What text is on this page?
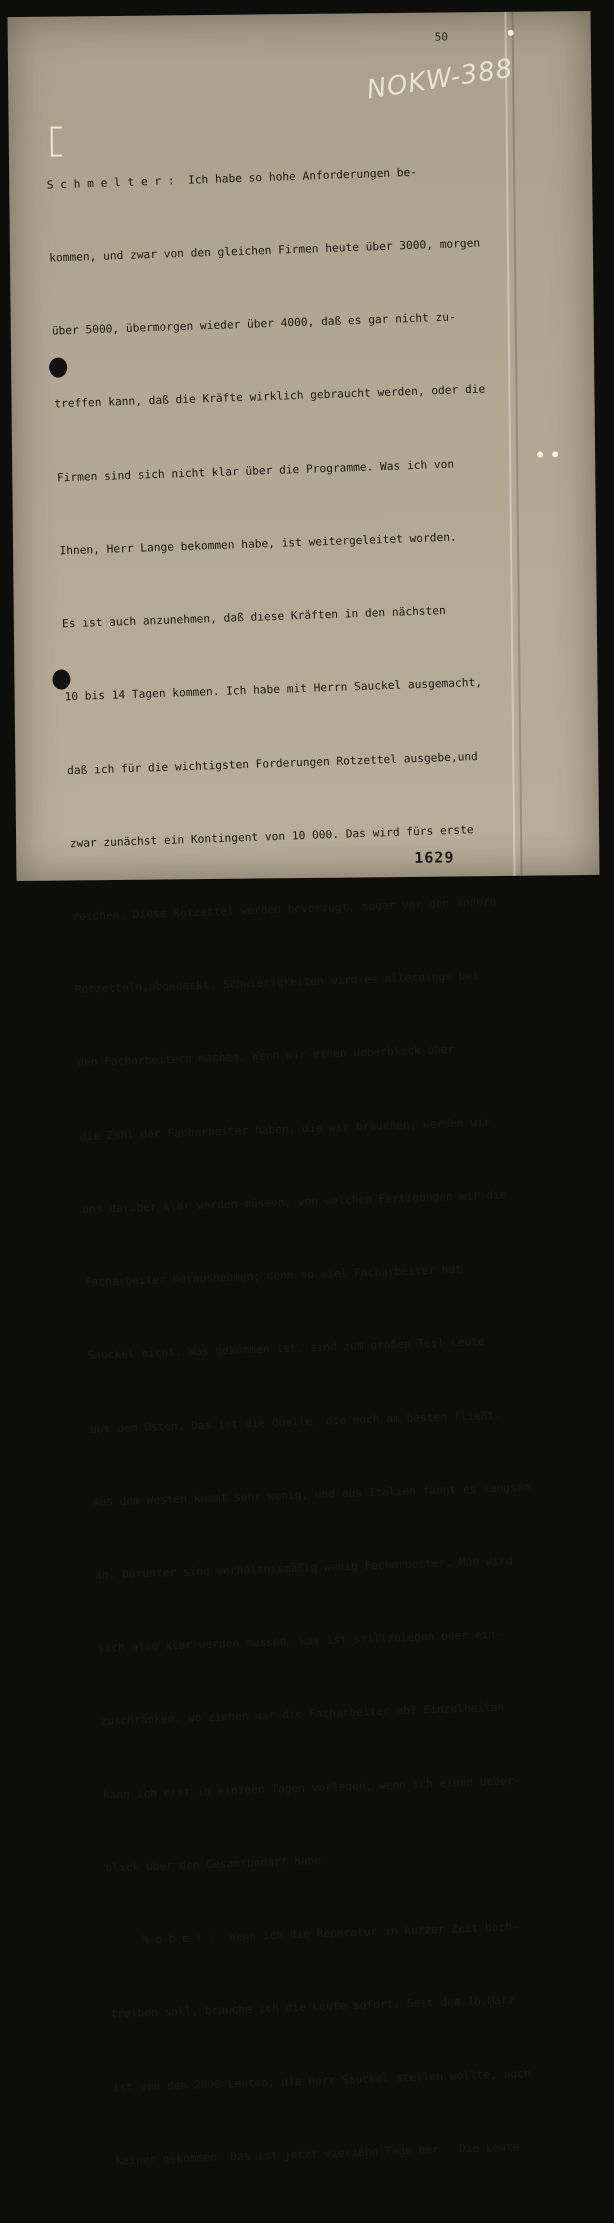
50
NOKW-388

S c h m e l t e r :  Ich habe so hohe Anforderungen be-

kommen, und zwar von den gleichen Firmen heute über 3000, morgen

über 5000, übermorgen wieder über 4000, daß es gar nicht zu-

treffen kann, daß die Kräfte wirklich gebraucht werden, oder die

Firmen sind sich nicht klar über die Programme. Was ich von

Ihnen, Herr Lange bekommen habe, ist weitergeleitet worden.

Es ist auch anzunehmen, daß diese Kräften in den nächsten

10 bis 14 Tagen kommen. Ich habe mit Herrn Sauckel ausgemacht,

daß ich für die wichtigsten Forderungen Rotzettel ausgebe,und

zwar zunächst ein Kontingent von 10 000. Das wird fürs erste

reichen. Diese Rotzettel werden bevorzugt, sogar vor den andern

Rotzetteln,abgedeckt. Schwierigkeiten wird es allerdings bei

den Facharbeitern machen. Wenn wir einen Ueberblick über

die Zahl der Facharbeiter haben, die wir brauchen, werden wir

uns darüber klar werden müssen, von welchen Fertigungen wir die

Facharbeiter herausnehmen; denn so viel Facharbeiter hat

Sauckel nicht. Was gekommen ist, sind zum großen Teil Leute

aus dem Osten. Das ist die Quelle, die noch am besten fließt.

Aus dem Westen kommt sehr wenig, und aus Italien fängt es langsam

an. Darunter sind verhältnismäßig wenig Facharbeiter. Man wird

sich also klar werden müssen: was ist stillzulegen oder ein-

zuschränken, wo ziehen wir die Facharbeiter ab? Einzelheiten

kann ich erst in einigen Tagen vorlegen, wenn ich einen Ueber-

blick über den Gesamtbedarf habe.

N o b e l :  Wenn ich die Reparatur in kurzer Zeit hoch-

treiben soll, brauche ich die Leute sofort. Seit dem 16.März

ist von den 2000 Leuten, die Herr Sauckel stellen wollte, noch

keiner gekommen. Das ist jetzt vierzehn Tage her.  Die Leute

1629
